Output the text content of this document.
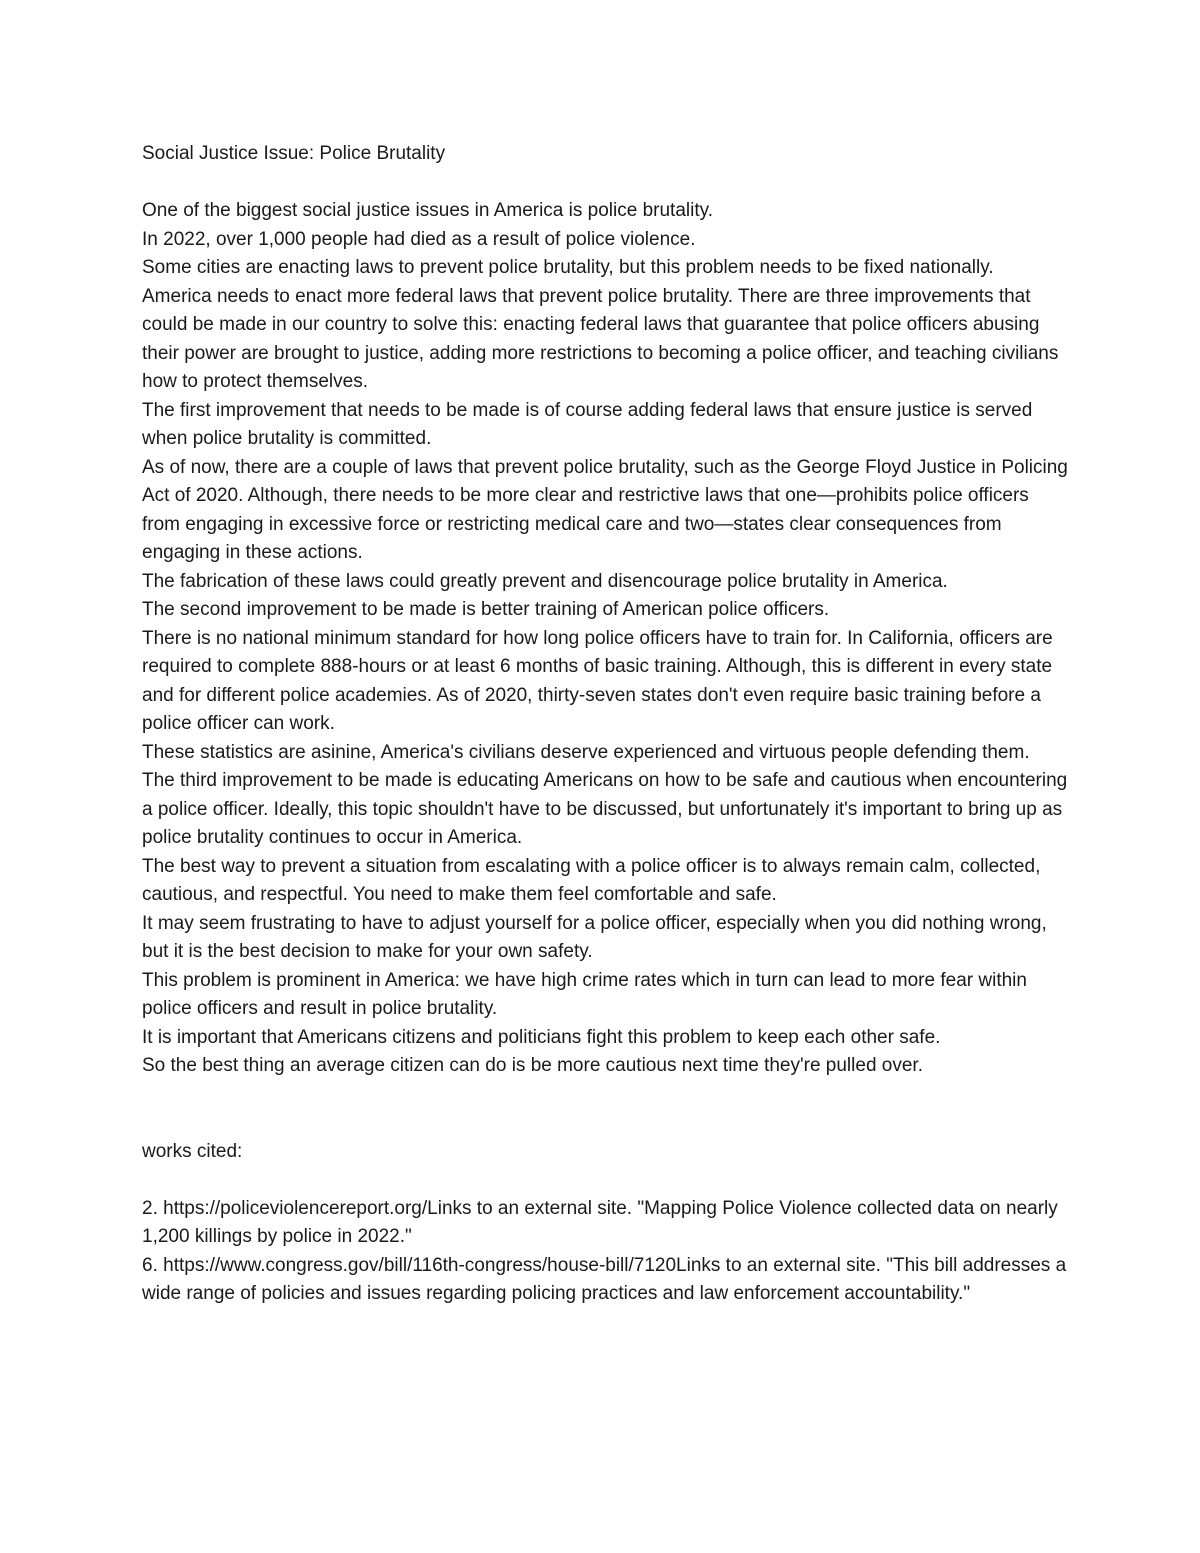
Social Justice Issue: Police Brutality

One of the biggest social justice issues in America is police brutality.

In 2022, over 1,000 people had died as a result of police violence.

Some cities are enacting laws to prevent police brutality, but this problem needs to be fixed nationally.

America needs to enact more federal laws that prevent police brutality. There are three improvements that could be made in our country to solve this: enacting federal laws that guarantee that police officers abusing their power are brought to justice, adding more restrictions to becoming a police officer, and teaching civilians how to protect themselves.

The first improvement that needs to be made is of course adding federal laws that ensure justice is served when police brutality is committed.

As of now, there are a couple of laws that prevent police brutality, such as the George Floyd Justice in Policing Act of 2020. Although, there needs to be more clear and restrictive laws that one—prohibits police officers from engaging in excessive force or restricting medical care and two—states clear consequences from engaging in these actions.

The fabrication of these laws could greatly prevent and disencourage police brutality in America.

The second improvement to be made is better training of American police officers.

There is no national minimum standard for how long police officers have to train for. In California, officers are required to complete 888-hours or at least 6 months of basic training. Although, this is different in every state and for different police academies. As of 2020, thirty-seven states don't even require basic training before a police officer can work.

These statistics are asinine, America's civilians deserve experienced and virtuous people defending them.

The third improvement to be made is educating Americans on how to be safe and cautious when encountering a police officer. Ideally, this topic shouldn't have to be discussed, but unfortunately it's important to bring up as police brutality continues to occur in America.

The best way to prevent a situation from escalating with a police officer is to always remain calm, collected, cautious, and respectful. You need to make them feel comfortable and safe.

It may seem frustrating to have to adjust yourself for a police officer, especially when you did nothing wrong, but it is the best decision to make for your own safety.

This problem is prominent in America: we have high crime rates which in turn can lead to more fear within police officers and result in police brutality.

It is important that Americans citizens and politicians fight this problem to keep each other safe.

So the best thing an average citizen can do is be more cautious next time they're pulled over.

works cited:

2. https://policeviolencereport.org/Links to an external site. "Mapping Police Violence collected data on nearly 1,200 killings by police in 2022."

6. https://www.congress.gov/bill/116th-congress/house-bill/7120Links to an external site. "This bill addresses a wide range of policies and issues regarding policing practices and law enforcement accountability."
